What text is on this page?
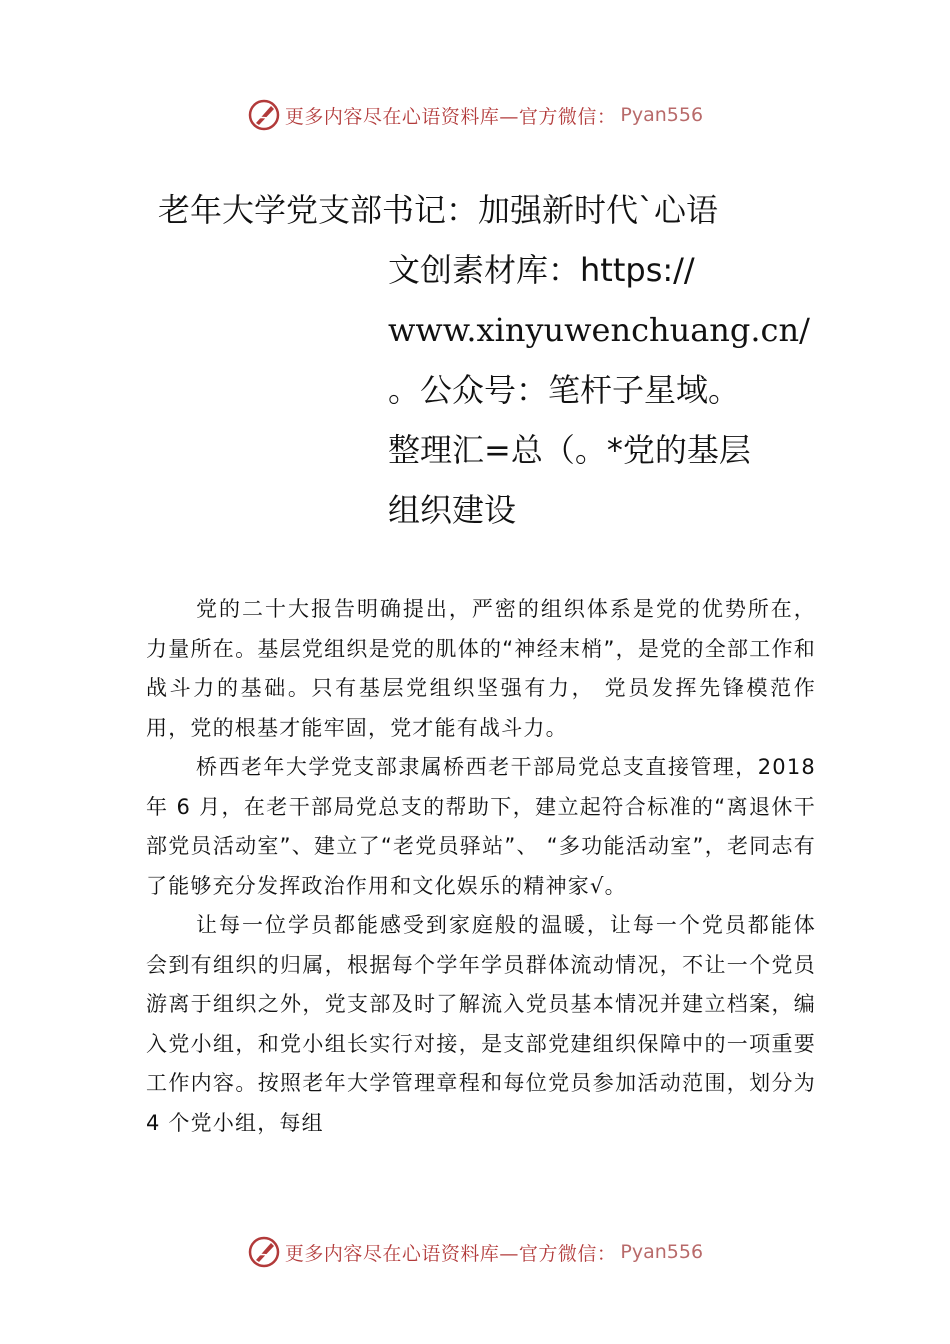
更多内容尽在心语资料库—官方微信： Pyan556
老年大学党支部书记：加强新时代`心语
文创素材库：https://
www.xinyuwenchuang.cn/
。公众号：笔杆子星域。
整理汇=总（。*党的基层
组织建设

党的二十大报告明确提出，严密的组织体系是党的优势所在，力量所在。基层党组织是党的肌体的“神经末梢”，是党的全部工作和战斗力的基础。只有基层党组织坚强有力， 党员发挥先锋模范作用，党的根基才能牢固，党才能有战斗力。

桥西老年大学党支部隶属桥西老干部局党总支直接管理，2018 年 6 月，在老干部局党总支的帮助下，建立起符合标准的“离退休干部党员活动室”、建立了“老党员驿站”、 “多功能活动室”，老同志有了能够充分发挥政治作用和文化娱乐的精神家√。

让每一位学员都能感受到家庭般的温暖，让每一个党员都能体会到有组织的归属，根据每个学年学员群体流动情况，不让一个党员游离于组织之外，党支部及时了解流入党员基本情况并建立档案，编入党小组，和党小组长实行对接，是支部党建组织保障中的一项重要工作内容。按照老年大学管理章程和每位党员参加活动范围，划分为 4 个党小组，每组

更多内容尽在心语资料库—官方微信： Pyan556
